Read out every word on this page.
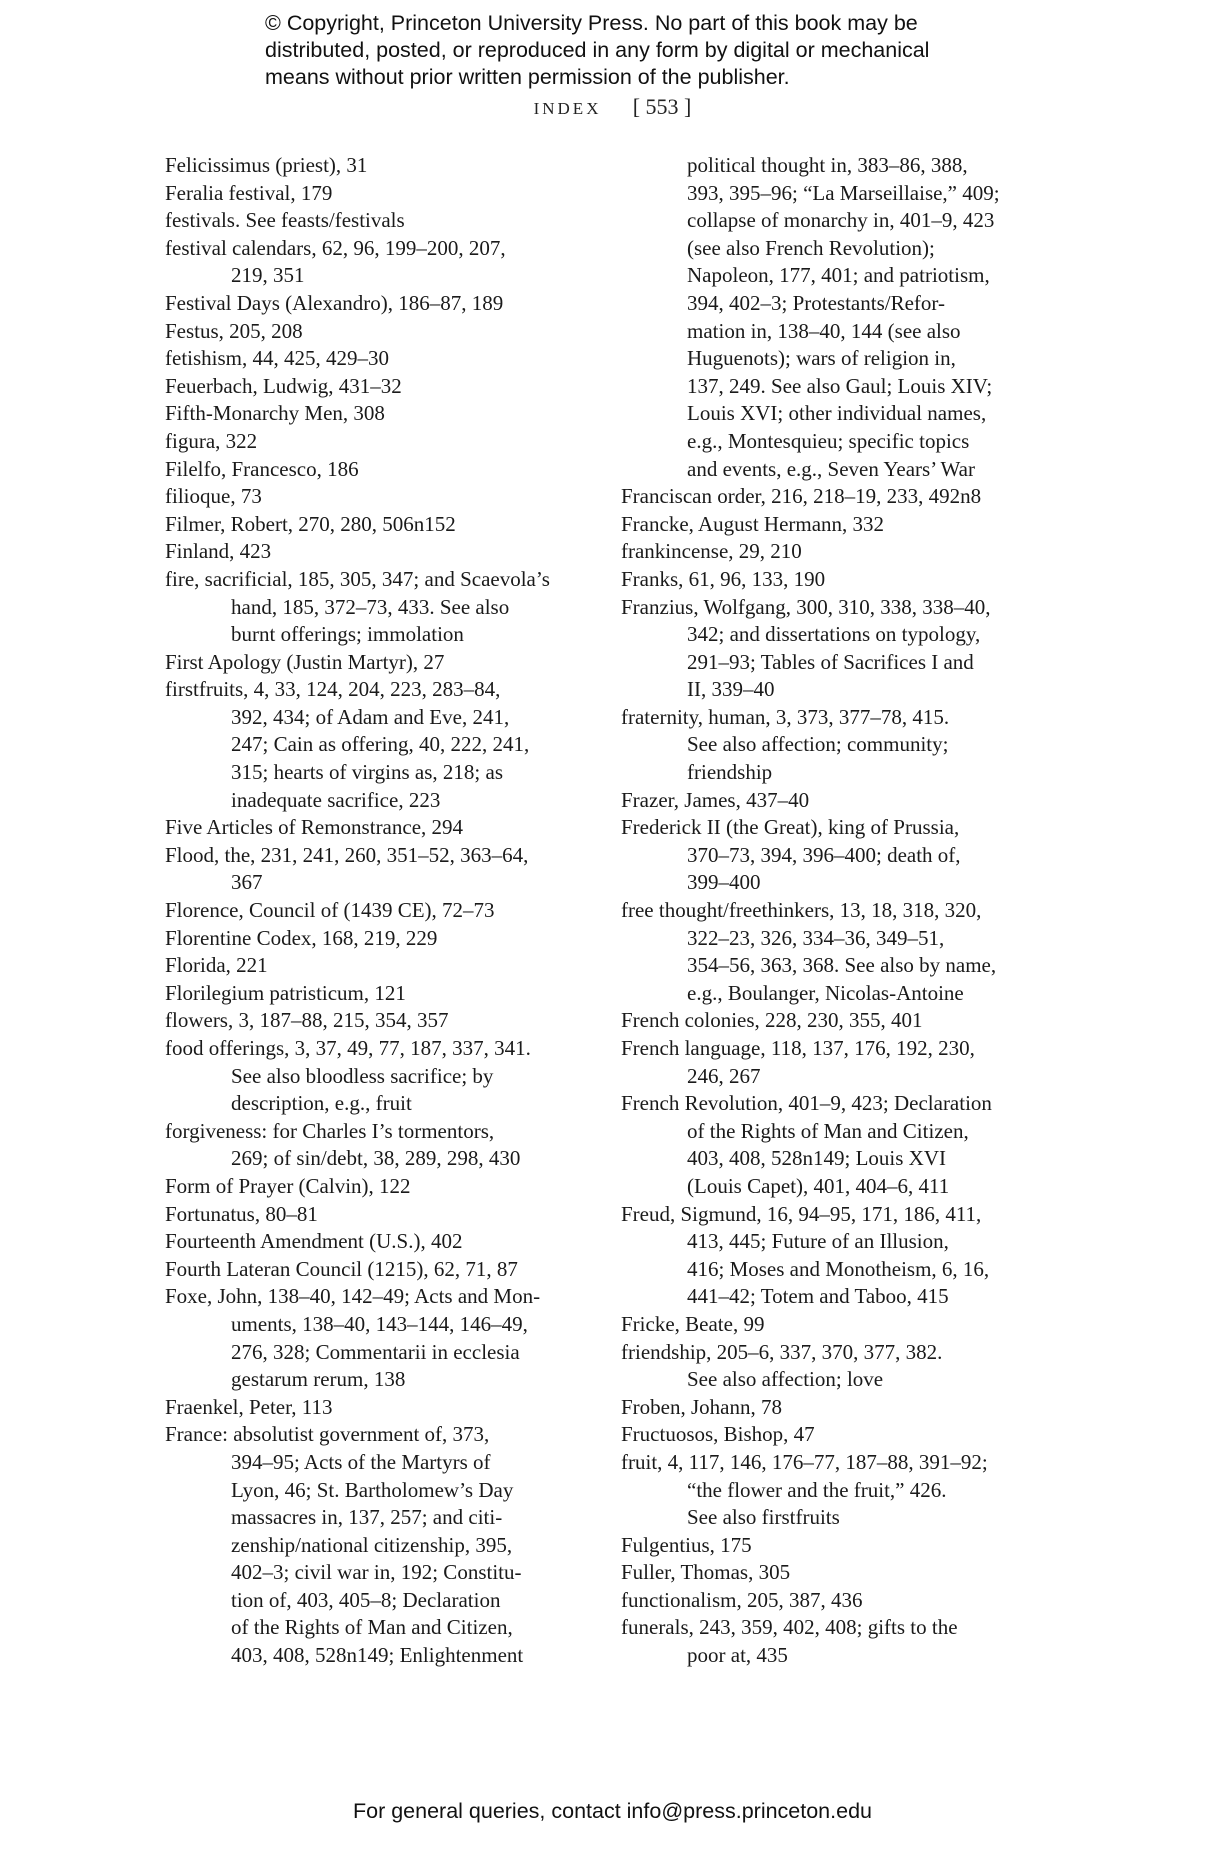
© Copyright, Princeton University Press. No part of this book may be
distributed, posted, or reproduced in any form by digital or mechanical
means without prior written permission of the publisher.
INDEX [ 553 ]
Felicissimus (priest), 31
Feralia festival, 179
festivals. See feasts/festivals
festival calendars, 62, 96, 199–200, 207,
219, 351
Festival Days (Alexandro), 186–87, 189
Festus, 205, 208
fetishism, 44, 425, 429–30
Feuerbach, Ludwig, 431–32
Fifth-Monarchy Men, 308
figura, 322
Filelfo, Francesco, 186
filioque, 73
Filmer, Robert, 270, 280, 506n152
Finland, 423
fire, sacrificial, 185, 305, 347; and Scaevola’s
hand, 185, 372–73, 433. See also
burnt offerings; immolation
First Apology (Justin Martyr), 27
firstfruits, 4, 33, 124, 204, 223, 283–84,
392, 434; of Adam and Eve, 241,
247; Cain as offering, 40, 222, 241,
315; hearts of virgins as, 218; as
inadequate sacrifice, 223
Five Articles of Remonstrance, 294
Flood, the, 231, 241, 260, 351–52, 363–64,
367
Florence, Council of (1439 CE), 72–73
Florentine Codex, 168, 219, 229
Florida, 221
Florilegium patristicum, 121
flowers, 3, 187–88, 215, 354, 357
food offerings, 3, 37, 49, 77, 187, 337, 341.
See also bloodless sacrifice; by
description, e.g., fruit
forgiveness: for Charles I’s tormentors,
269; of sin/debt, 38, 289, 298, 430
Form of Prayer (Calvin), 122
Fortunatus, 80–81
Fourteenth Amendment (U.S.), 402
Fourth Lateran Council (1215), 62, 71, 87
Foxe, John, 138–40, 142–49; Acts and Mon-
uments, 138–40, 143–144, 146–49,
276, 328; Commentarii in ecclesia
gestarum rerum, 138
Fraenkel, Peter, 113
France: absolutist government of, 373,
394–95; Acts of the Martyrs of
Lyon, 46; St. Bartholomew’s Day
massacres in, 137, 257; and citi-
zenship/national citizenship, 395,
402–3; civil war in, 192; Constitu-
tion of, 403, 405–8; Declaration
of the Rights of Man and Citizen,
403, 408, 528n149; Enlightenment
political thought in, 383–86, 388,
393, 395–96; “La Marseillaise,” 409;
collapse of monarchy in, 401–9, 423
(see also French Revolution);
Napoleon, 177, 401; and patriotism,
394, 402–3; Protestants/Refor-
mation in, 138–40, 144 (see also
Huguenots); wars of religion in,
137, 249. See also Gaul; Louis XIV;
Louis XVI; other individual names,
e.g., Montesquieu; specific topics
and events, e.g., Seven Years’ War
Franciscan order, 216, 218–19, 233, 492n8
Francke, August Hermann, 332
frankincense, 29, 210
Franks, 61, 96, 133, 190
Franzius, Wolfgang, 300, 310, 338, 338–40,
342; and dissertations on typology,
291–93; Tables of Sacrifices I and
II, 339–40
fraternity, human, 3, 373, 377–78, 415.
See also affection; community;
friendship
Frazer, James, 437–40
Frederick II (the Great), king of Prussia,
370–73, 394, 396–400; death of,
399–400
free thought/freethinkers, 13, 18, 318, 320,
322–23, 326, 334–36, 349–51,
354–56, 363, 368. See also by name,
e.g., Boulanger, Nicolas-Antoine
French colonies, 228, 230, 355, 401
French language, 118, 137, 176, 192, 230,
246, 267
French Revolution, 401–9, 423; Declaration
of the Rights of Man and Citizen,
403, 408, 528n149; Louis XVI
(Louis Capet), 401, 404–6, 411
Freud, Sigmund, 16, 94–95, 171, 186, 411,
413, 445; Future of an Illusion,
416; Moses and Monotheism, 6, 16,
441–42; Totem and Taboo, 415
Fricke, Beate, 99
friendship, 205–6, 337, 370, 377, 382.
See also affection; love
Froben, Johann, 78
Fructuosos, Bishop, 47
fruit, 4, 117, 146, 176–77, 187–88, 391–92;
“the flower and the fruit,” 426.
See also firstfruits
Fulgentius, 175
Fuller, Thomas, 305
functionalism, 205, 387, 436
funerals, 243, 359, 402, 408; gifts to the
poor at, 435
For general queries, contact info@press.princeton.edu
